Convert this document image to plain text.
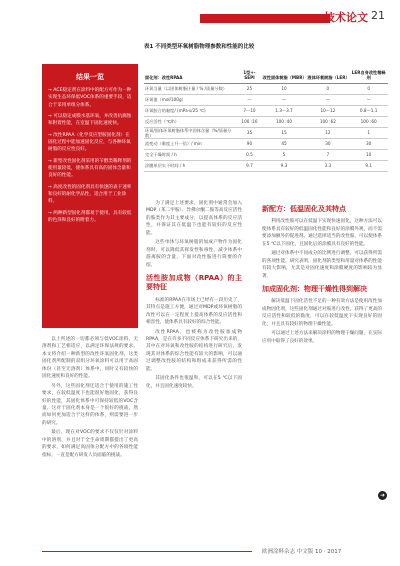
技术论文 21
表1 不同类型环氧树脂物理参数和性能的比较
固化剂：改性RPAA	1型+-SEPI	改性固体树脂（MBR）	液体环氧树脂（LER）	LER自身改性稀释剂
环氧当量（以固体树脂计量 / % /质量分数）	25	10	0	0
环氧值（mol/100g）	—	—	—	—
环氧胶合的黏度/ (mPa·s/25 ℃)	7～10	1.3～3.7	10～12	0.8～1.1
反应活性（℃/h）	100 :16	100 :40	100 :62	100 :60
环氧/固体环氧树脂体系中固体含量（%/质量分数）	35	15	12	1
流变动（黏度上升一倍）/ min	90	45	30	30
完全干燥时间 / h	0.5	5	7	10
涂膜单层实干时间 / h	9.7	9.3	3.3	9.1
结果一览
→ ACE稳定剂在涂料中的配方可作为一种实现生态环保低VOC体系的重要手段，适合于采用单组分体系。
→ 可以稳定成膜水基环氧，并改善抗腐蚀和附着性能，在室温下固化速度快。
→ 改性RPAA（化学反应型胺固化剂）在固化过程中能加速固化反应，与各种环氧树脂的反应性良好。
→ 新型改性固化剂采用的苄醇类稀释剂的使用量较低，使体系具有高的固体含量和良好的性能。
→ 高度改性的固化剂具有快速的表干速率和良好的耐化学品性，适合用于工业涂料。
→ 两种新型固化剂都易于使用，具有较低的色泽和良好的附着力。

以上所述的一切都必须与低VOC涂料、无溶剂和工艺相适应，以满足环保法规的要求。本文将介绍一种新型的改性环氧固化剂，这类固化剂所配制的双组分环氧涂料可以用于高固体份（甚至无溶剂）体系中，同时又有较快的固化速度和良好的性能。

另外，这些固化剂还适合于使用的施工性要求，在较低温度下也能很好地固化，获得良好的性能，其固化体系中可保持较低的VOC含量。这对于固化剂本身是一个很好的挑战，然而如何更加适合于这样的体系，则需要进一步的研究。

最后，现在对VOC的要求不仅仅针对涂料中的溶剂，并且对于全生命周期都提出了更高的要求，如何满足高固体分配方中的各项性能指标，一直是配方研发人员面临的挑战。

为了满足上述要求，固化剂中通常会加入MDP（苯二甲胺）、异佛尔酮二胺等高反应活性的胺类作为其主要成分，以提高体系的反应活性，并保证其在低温下也能有较好的反应性能。

这些单体与环氧树脂的加成产物作为固化剂时，可以降低其挥发性和毒性，减少体系中游离胺的含量，下面对改性胺进行简要的介绍。

活性胺加成物（RPAA）的主要特征

标准的RPAA在市场上已经有一段历史了，其特点是施工方便，通过对MDP或环氧树脂的改性可以在一定程度上提高体系的反应活性和相容性，使体系具有较好的综合性能。

改性RPAA，也被称为改性胺加成物RPAA，是在许多不同反应体系下研究出来的，其中在对环氧和改性胺的结构进行研究后，发现其对体系的综合性能有较大的影响，可以通过调整改性胺的结构和组成来获得所需的性能。

其固化条件也很温和，可以在5 ℃以下固化，并且固化速度较快。

新配方：低温固化及其特点

利用改性胺可以在低温下实现快速固化，这种方法可以使体系具有较好的低温固化性能和良好的涂膜外观，而不需要添加额外的促进剂。通过选择适当的改性胺，可以使体系在5 ℃以下固化，且固化后的涂膜具有良好的性能。

通过对体系中不同成分的比例进行调整，可以获得所需的各项性能。研究表明，固化剂的类型和用量对体系的性能有较大影响，尤其是对固化速度和涂膜硬度的影响较为显著。

加成固化剂：物理干燥性得到解决

解决低温下固化活性不足的一种有效方法是使用改性加成物固化剂，这些固化剂通过对胺进行改性，获得了更高的反应活性和较低的黏度，可以在较低温度下实现良好的固化，并且具有较好的物理干燥性能。

可以通过上述方法来解决涂料的物理干燥问题，在实际应用中取得了良好的效果。

➜
欧洲涂料杂志 中文版 10 · 2017
